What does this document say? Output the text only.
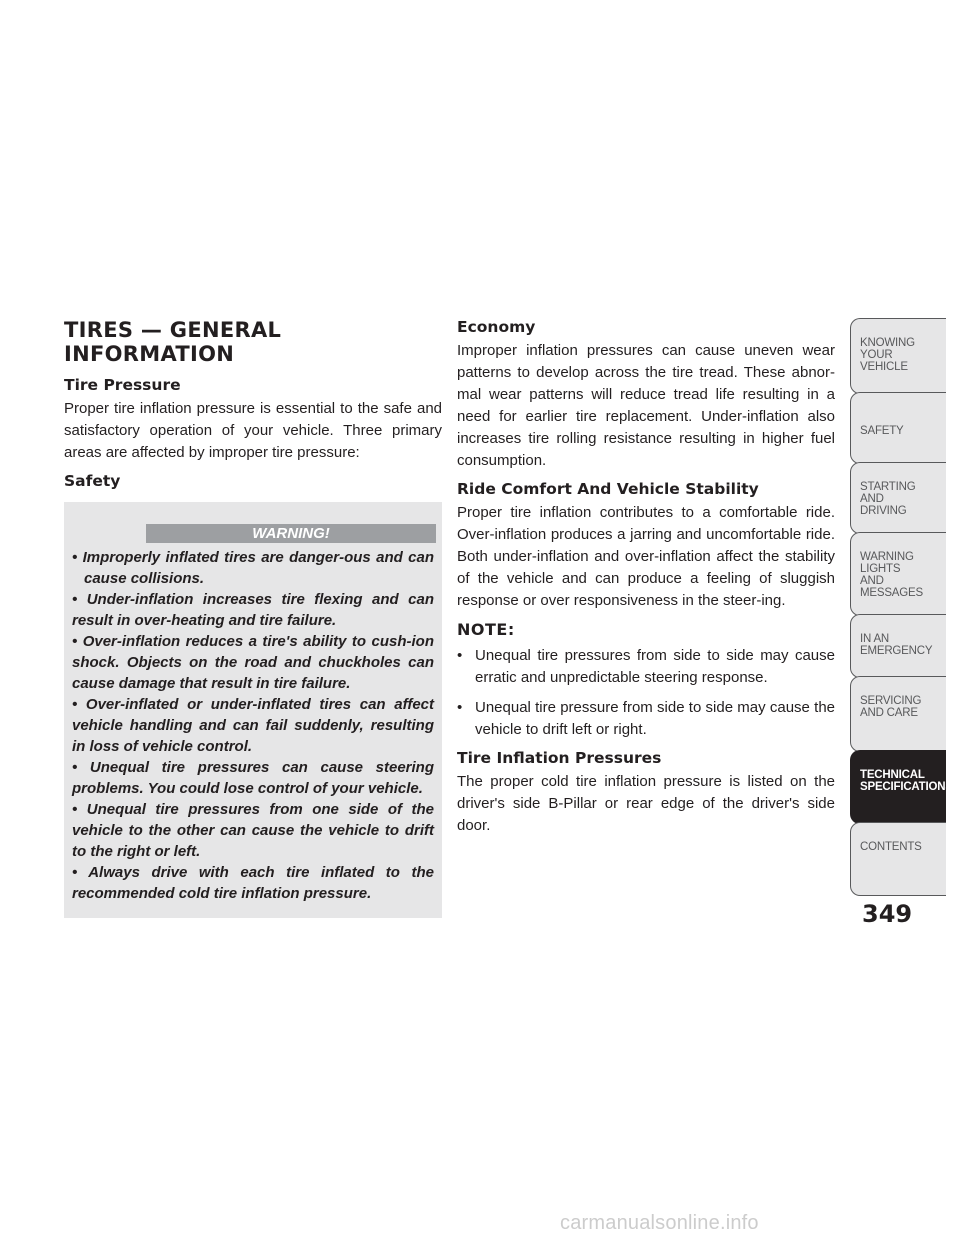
TIRES — GENERAL INFORMATION
Tire Pressure

Proper tire inflation pressure is essential to the safe and satisfactory operation of your vehicle. Three primary areas are affected by improper tire pressure:

Safety
WARNING!

• Improperly inflated tires are danger-ous and can cause collisions.

• Under-inflation increases tire flexing and can result in over-heating and tire failure.

• Over-inflation reduces a tire's ability to cush-ion shock. Objects on the road and chuckholes can cause damage that result in tire failure.

• Over-inflated or under-inflated tires can affect vehicle handling and can fail suddenly, resulting in loss of vehicle control.

• Unequal tire pressures can cause steering problems. You could lose control of your vehicle.

• Unequal tire pressures from one side of the vehicle to the other can cause the vehicle to drift to the right or left.

• Always drive with each tire inflated to the recommended cold tire inflation pressure.

Economy

Improper inflation pressures can cause uneven wear patterns to develop across the tire tread. These abnor-mal wear patterns will reduce tread life resulting in a need for earlier tire replacement. Under-inflation also increases tire rolling resistance resulting in higher fuel consumption.

Ride Comfort And Vehicle Stability

Proper tire inflation contributes to a comfortable ride. Over-inflation produces a jarring and uncomfortable ride. Both under-inflation and over-inflation affect the stability of the vehicle and can produce a feeling of sluggish response or over responsiveness in the steer-ing.

NOTE:

• Unequal tire pressures from side to side may cause erratic and unpredictable steering response.

• Unequal tire pressure from side to side may cause the vehicle to drift left or right.

Tire Inflation Pressures

The proper cold tire inflation pressure is listed on the driver's side B-Pillar or rear edge of the driver's side door.

KNOWING
YOUR
VEHICLE
SAFETY
STARTING
AND
DRIVING
WARNING
LIGHTS
AND
MESSAGES
IN AN
EMERGENCY
SERVICING
AND CARE
TECHNICAL
SPECIFICATIONS
CONTENTS
349
carmanualsonline.info
